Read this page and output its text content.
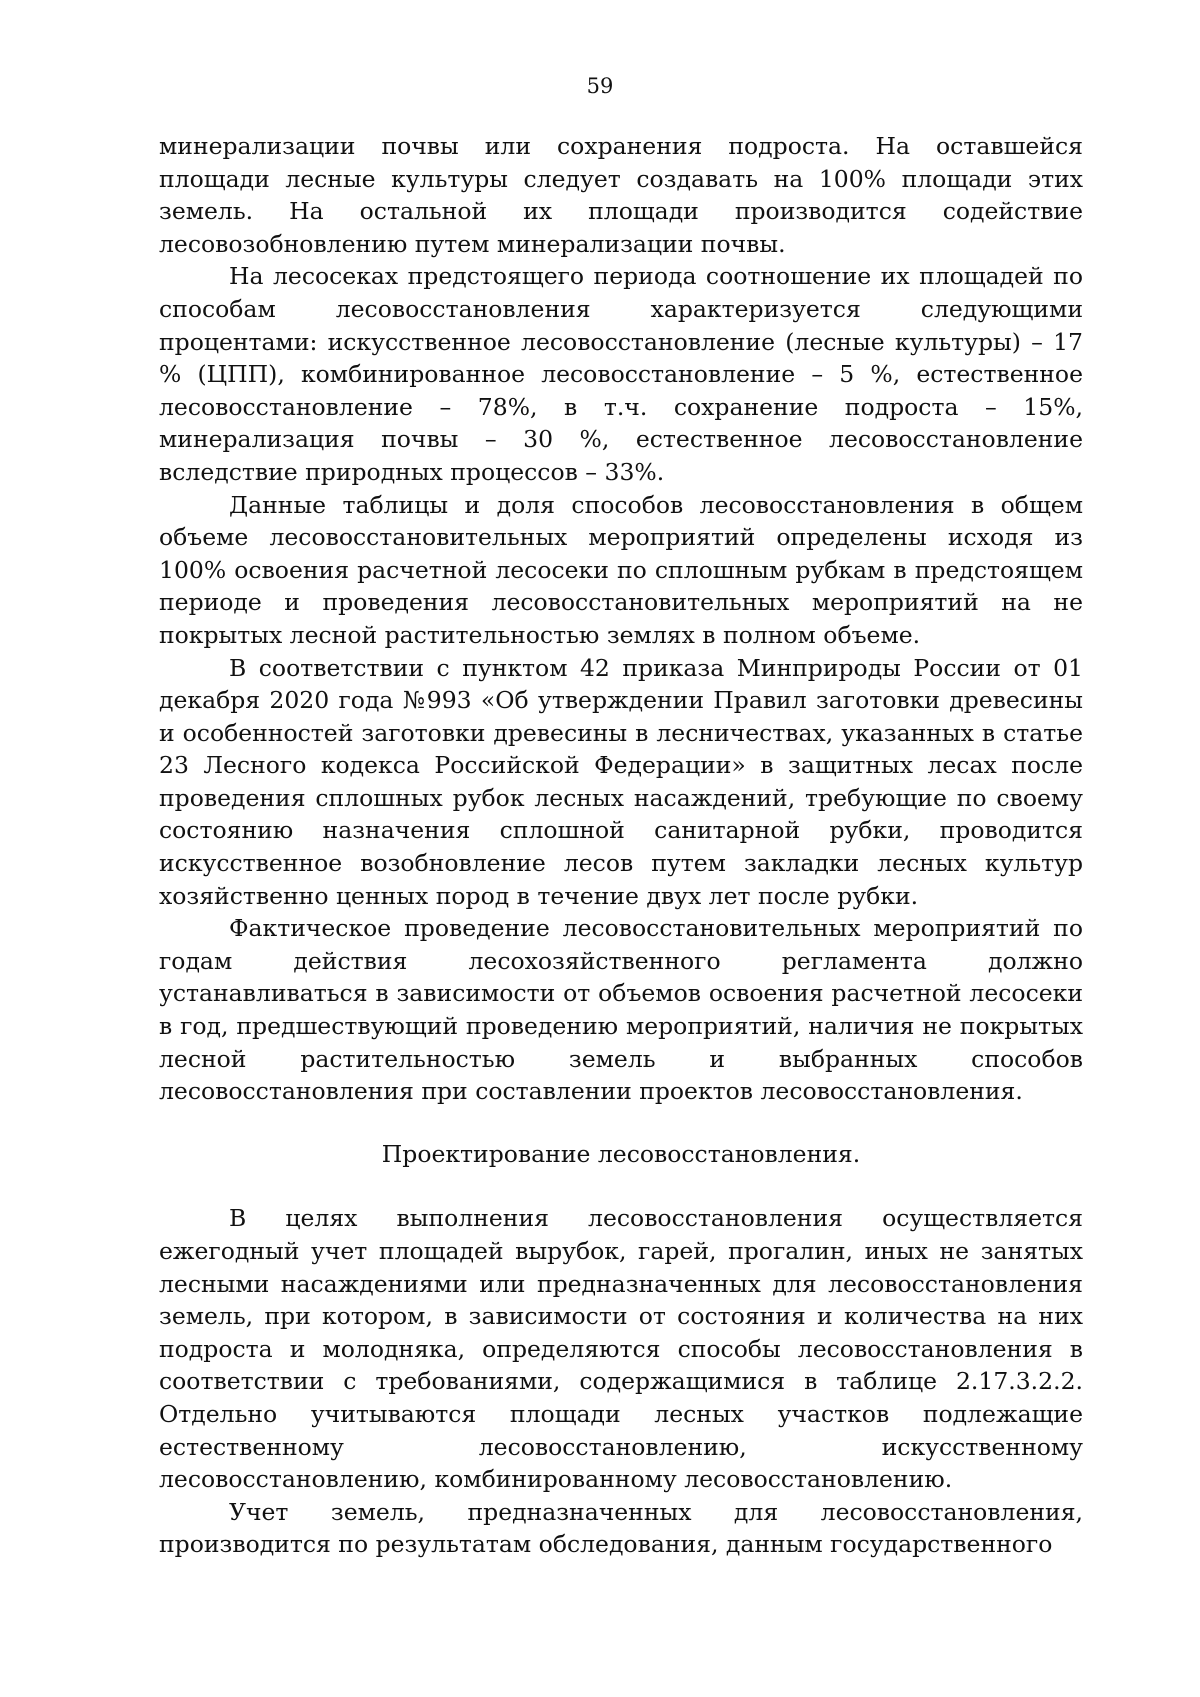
59

минерализации почвы или сохранения подроста. На оставшейся площади лесные культуры следует создавать на 100% площади этих земель. На остальной их площади производится содействие лесовозобновлению путем минерализации почвы.

На лесосеках предстоящего периода соотношение их площадей по способам лесовосстановления характеризуется следующими процентами: искусственное лесовосстановление (лесные культуры) – 17 % (ЦПП), комбинированное лесовосстановление – 5 %, естественное лесовосстановление – 78%, в т.ч. сохранение подроста – 15%, минерализация почвы – 30 %, естественное лесовосстановление вследствие природных процессов – 33%.

Данные таблицы и доля способов лесовосстановления в общем объеме лесовосстановительных мероприятий определены исходя из 100% освоения расчетной лесосеки по сплошным рубкам в предстоящем периоде и проведения лесовосстановительных мероприятий на не покрытых лесной растительностью землях в полном объеме.

В соответствии с пунктом 42 приказа Минприроды России от 01 декабря 2020 года №993 «Об утверждении Правил заготовки древесины и особенностей заготовки древесины в лесничествах, указанных в статье 23 Лесного кодекса Российской Федерации» в защитных лесах после проведения сплошных рубок лесных насаждений, требующие по своему состоянию назначения сплошной санитарной рубки, проводится искусственное возобновление лесов путем закладки лесных культур хозяйственно ценных пород в течение двух лет после рубки.

Фактическое проведение лесовосстановительных мероприятий по годам действия лесохозяйственного регламента должно устанавливаться в зависимости от объемов освоения расчетной лесосеки в год, предшествующий проведению мероприятий, наличия не покрытых лесной растительностью земель и выбранных способов лесовосстановления при составлении проектов лесовосстановления.

Проектирование лесовосстановления.

В целях выполнения лесовосстановления осуществляется ежегодный учет площадей вырубок, гарей, прогалин, иных не занятых лесными насаждениями или предназначенных для лесовосстановления земель, при котором, в зависимости от состояния и количества на них подроста и молодняка, определяются способы лесовосстановления в соответствии с требованиями, содержащимися в таблице 2.17.3.2.2. Отдельно учитываются площади лесных участков подлежащие естественному лесовосстановлению, искусственному лесовосстановлению, комбинированному лесовосстановлению.

Учет земель, предназначенных для лесовосстановления, производится по результатам обследования, данным государственного
